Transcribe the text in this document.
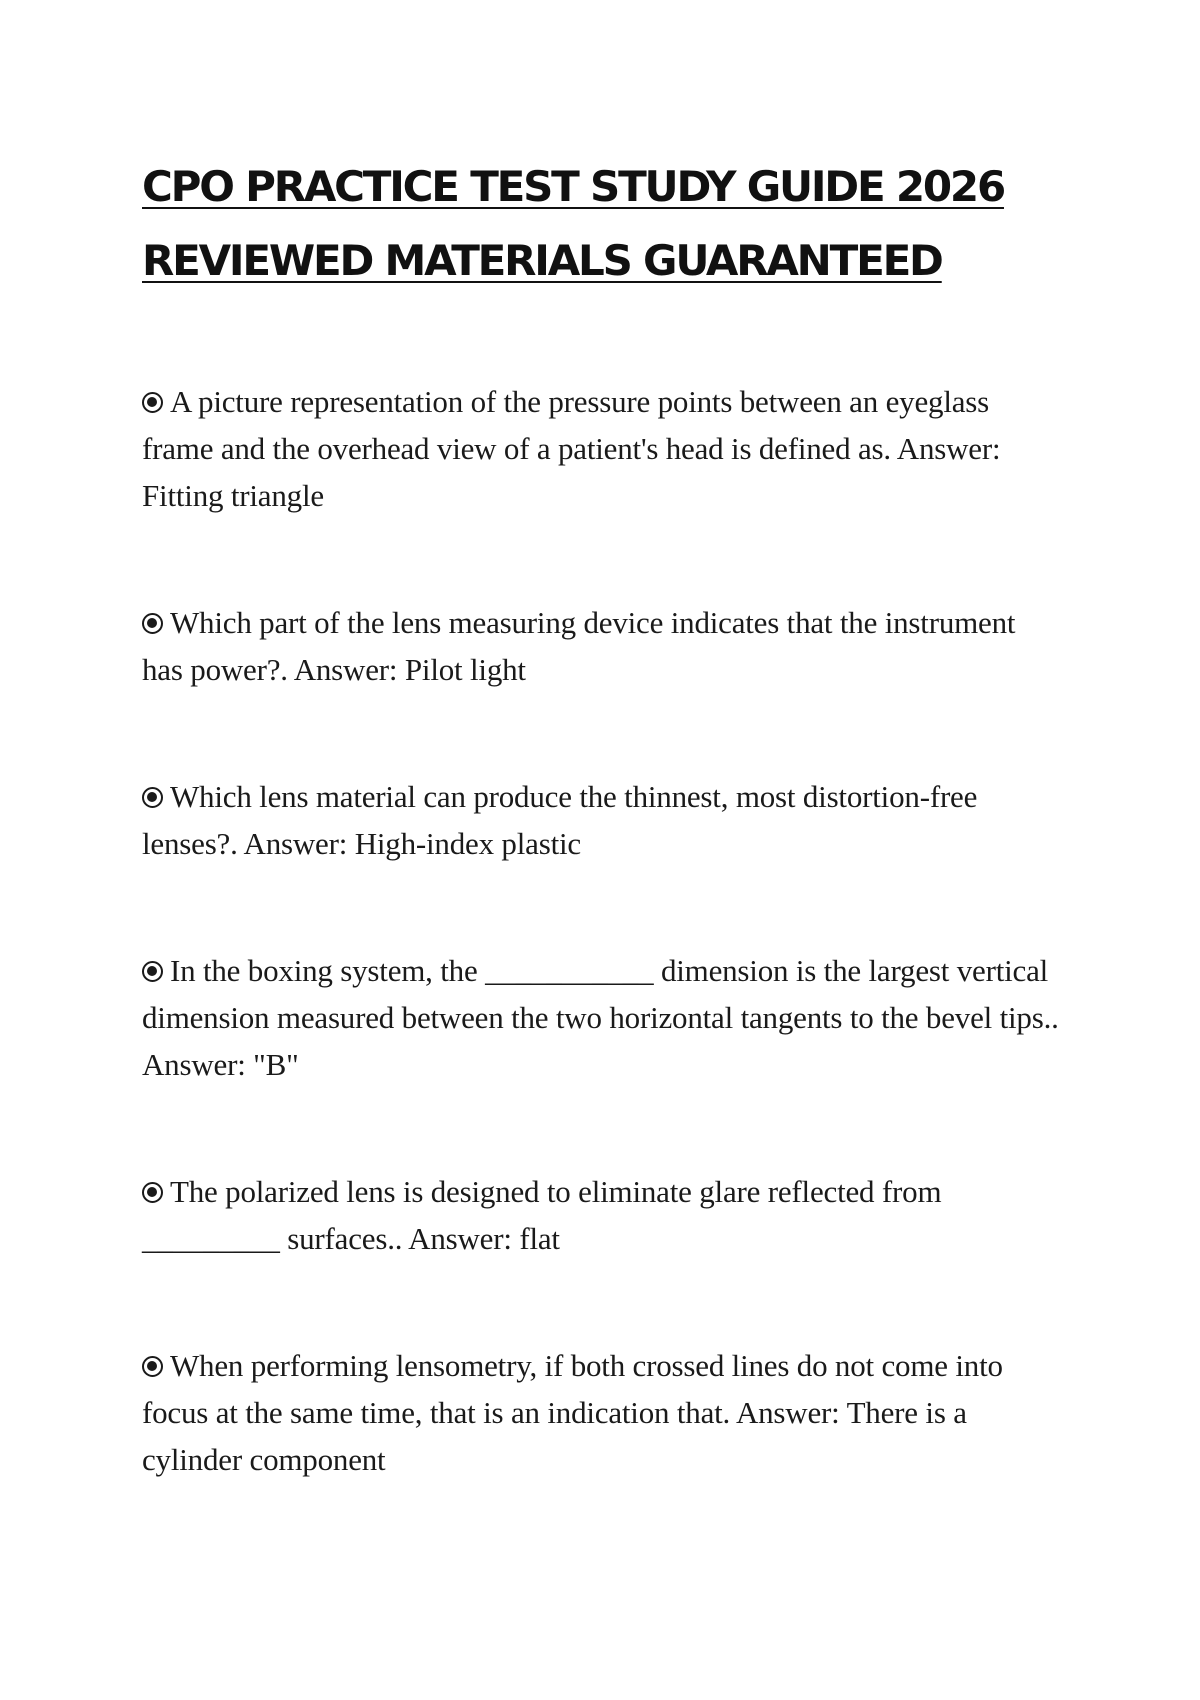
CPO PRACTICE TEST STUDY GUIDE 2026
REVIEWED MATERIALS GUARANTEED
A picture representation of the pressure points between an eyeglass frame and the overhead view of a patient's head is defined as. Answer: Fitting triangle
Which part of the lens measuring device indicates that the instrument has power?. Answer: Pilot light
Which lens material can produce the thinnest, most distortion-free lenses?. Answer: High-index plastic
In the boxing system, the ___________ dimension is the largest vertical dimension measured between the two horizontal tangents to the bevel tips.. Answer: "B"
The polarized lens is designed to eliminate glare reflected from _________ surfaces.. Answer: flat
When performing lensometry, if both crossed lines do not come into focus at the same time, that is an indication that. Answer: There is a cylinder component
